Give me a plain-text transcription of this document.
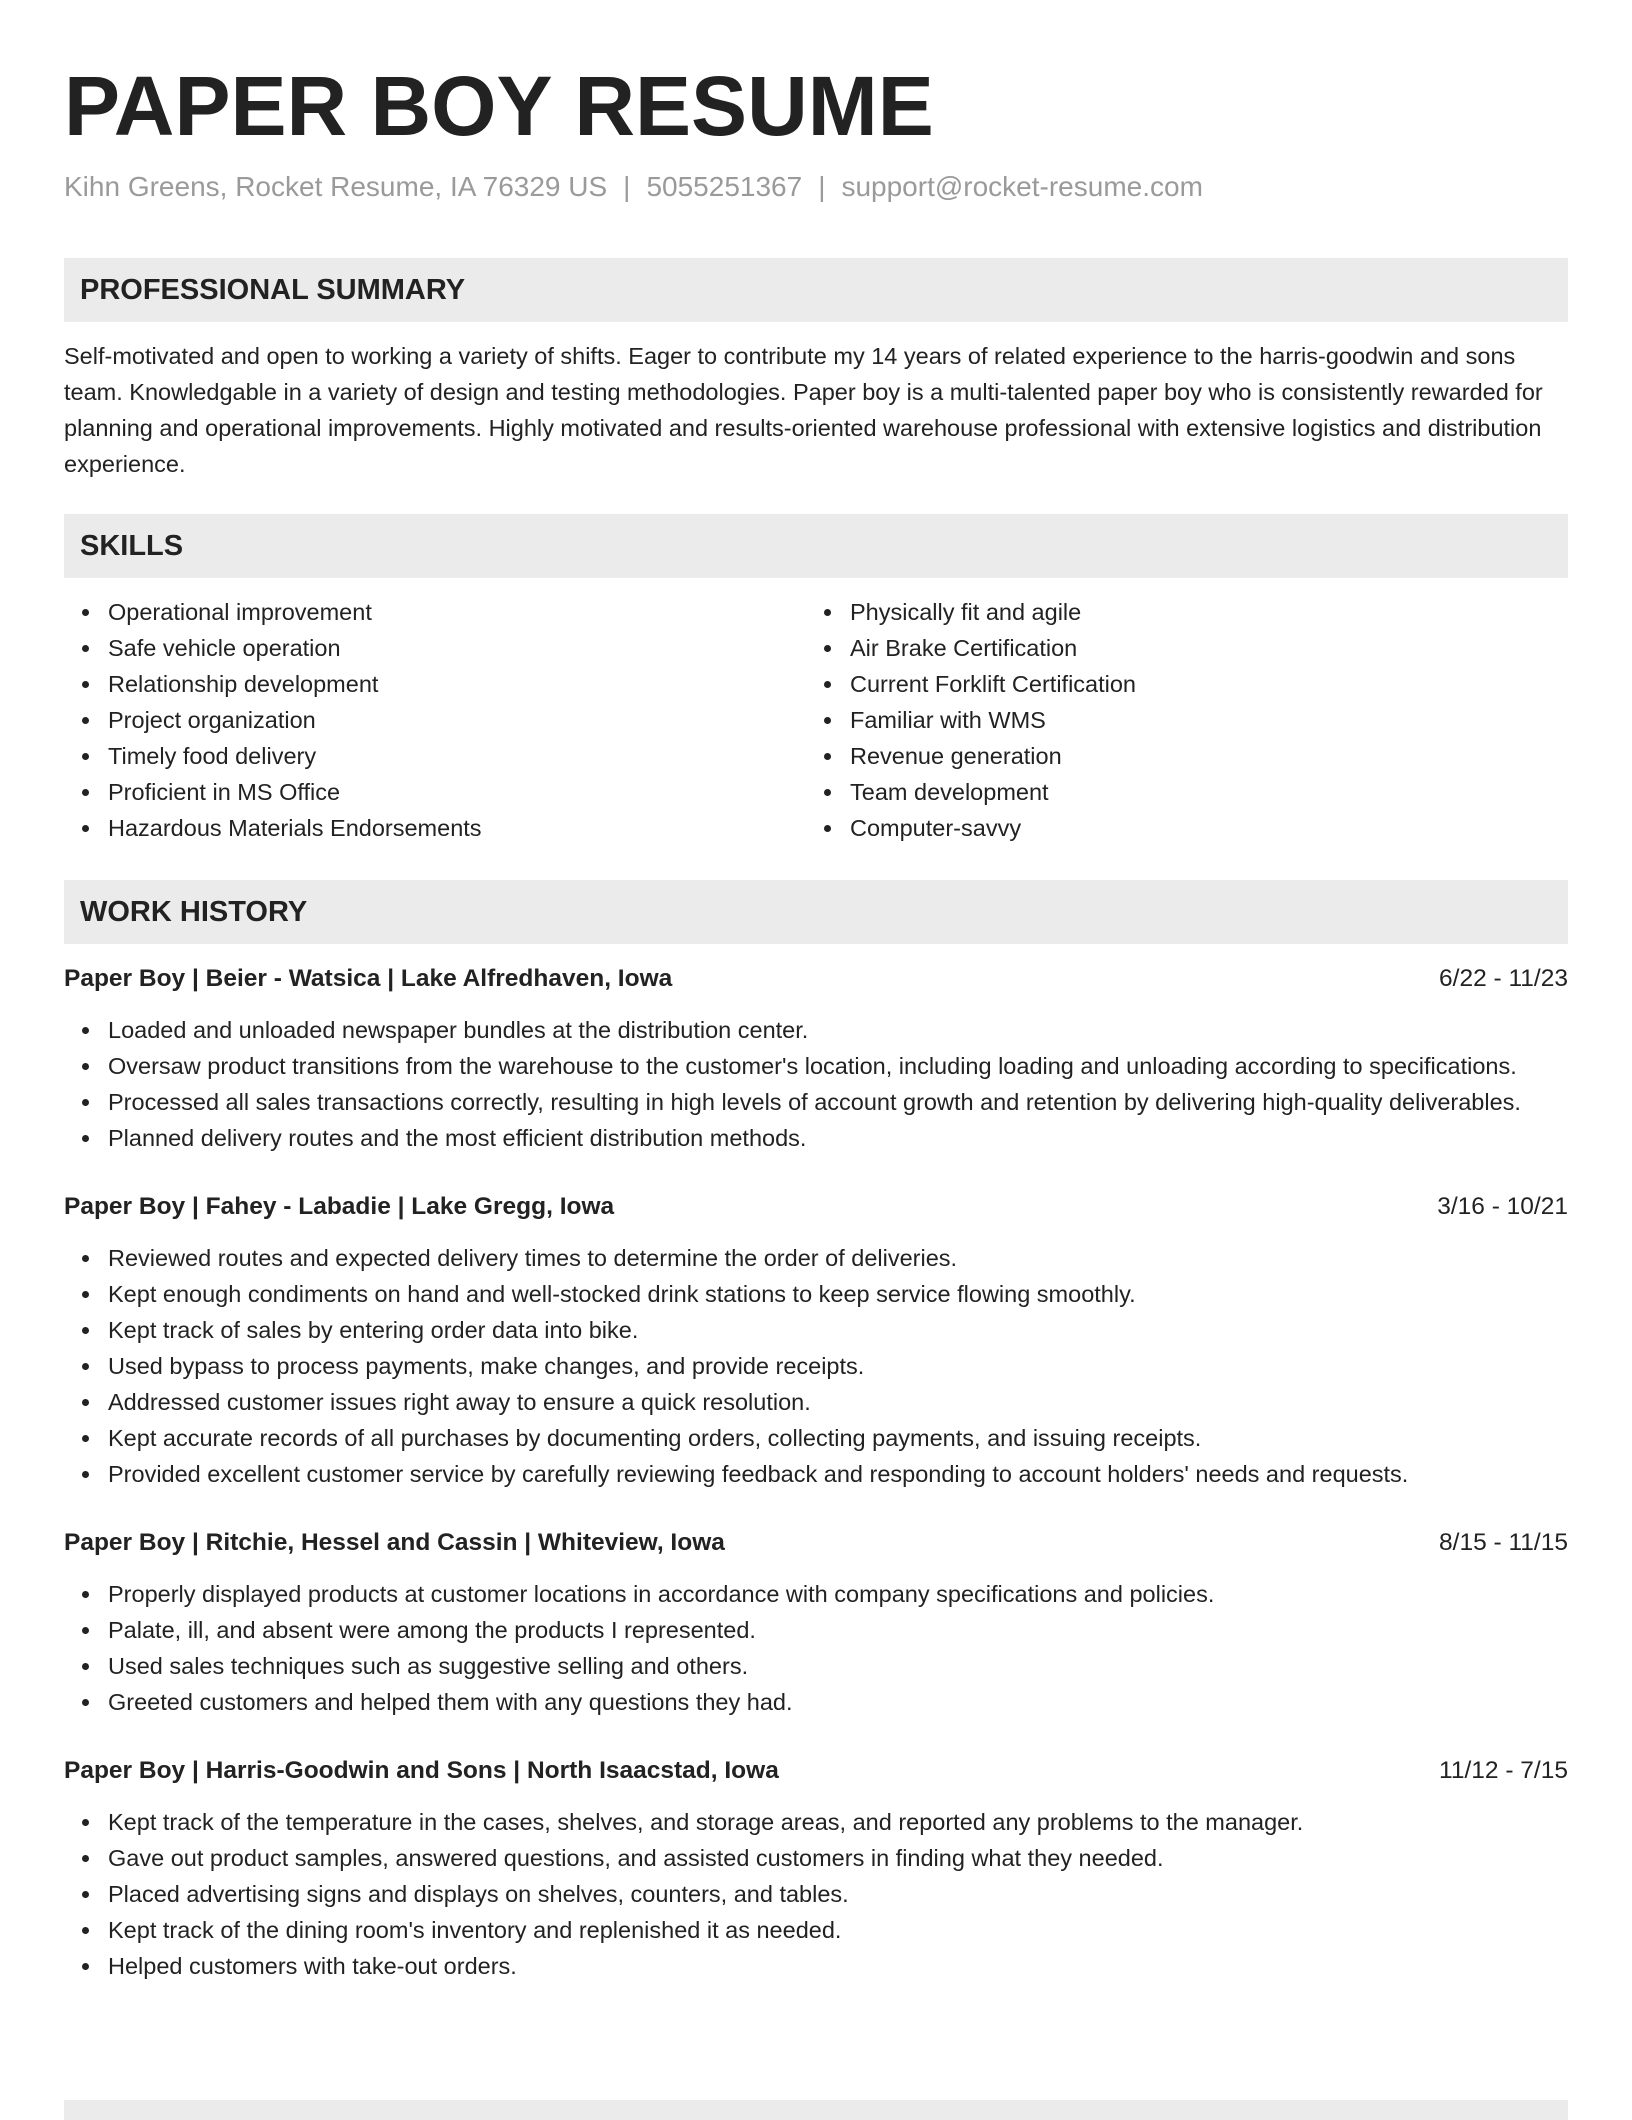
PAPER BOY RESUME
Kihn Greens, Rocket Resume, IA 76329 US | 5055251367 | support@rocket-resume.com
PROFESSIONAL SUMMARY
Self-motivated and open to working a variety of shifts. Eager to contribute my 14 years of related experience to the harris-goodwin and sons team. Knowledgable in a variety of design and testing methodologies. Paper boy is a multi-talented paper boy who is consistently rewarded for planning and operational improvements. Highly motivated and results-oriented warehouse professional with extensive logistics and distribution experience.
SKILLS
Operational improvement
Safe vehicle operation
Relationship development
Project organization
Timely food delivery
Proficient in MS Office
Hazardous Materials Endorsements
Physically fit and agile
Air Brake Certification
Current Forklift Certification
Familiar with WMS
Revenue generation
Team development
Computer-savvy
WORK HISTORY
Paper Boy | Beier - Watsica | Lake Alfredhaven, Iowa	6/22 - 11/23
Loaded and unloaded newspaper bundles at the distribution center.
Oversaw product transitions from the warehouse to the customer's location, including loading and unloading according to specifications.
Processed all sales transactions correctly, resulting in high levels of account growth and retention by delivering high-quality deliverables.
Planned delivery routes and the most efficient distribution methods.
Paper Boy | Fahey - Labadie | Lake Gregg, Iowa	3/16 - 10/21
Reviewed routes and expected delivery times to determine the order of deliveries.
Kept enough condiments on hand and well-stocked drink stations to keep service flowing smoothly.
Kept track of sales by entering order data into bike.
Used bypass to process payments, make changes, and provide receipts.
Addressed customer issues right away to ensure a quick resolution.
Kept accurate records of all purchases by documenting orders, collecting payments, and issuing receipts.
Provided excellent customer service by carefully reviewing feedback and responding to account holders' needs and requests.
Paper Boy | Ritchie, Hessel and Cassin | Whiteview, Iowa	8/15 - 11/15
Properly displayed products at customer locations in accordance with company specifications and policies.
Palate, ill, and absent were among the products I represented.
Used sales techniques such as suggestive selling and others.
Greeted customers and helped them with any questions they had.
Paper Boy | Harris-Goodwin and Sons | North Isaacstad, Iowa	11/12 - 7/15
Kept track of the temperature in the cases, shelves, and storage areas, and reported any problems to the manager.
Gave out product samples, answered questions, and assisted customers in finding what they needed.
Placed advertising signs and displays on shelves, counters, and tables.
Kept track of the dining room's inventory and replenished it as needed.
Helped customers with take-out orders.
